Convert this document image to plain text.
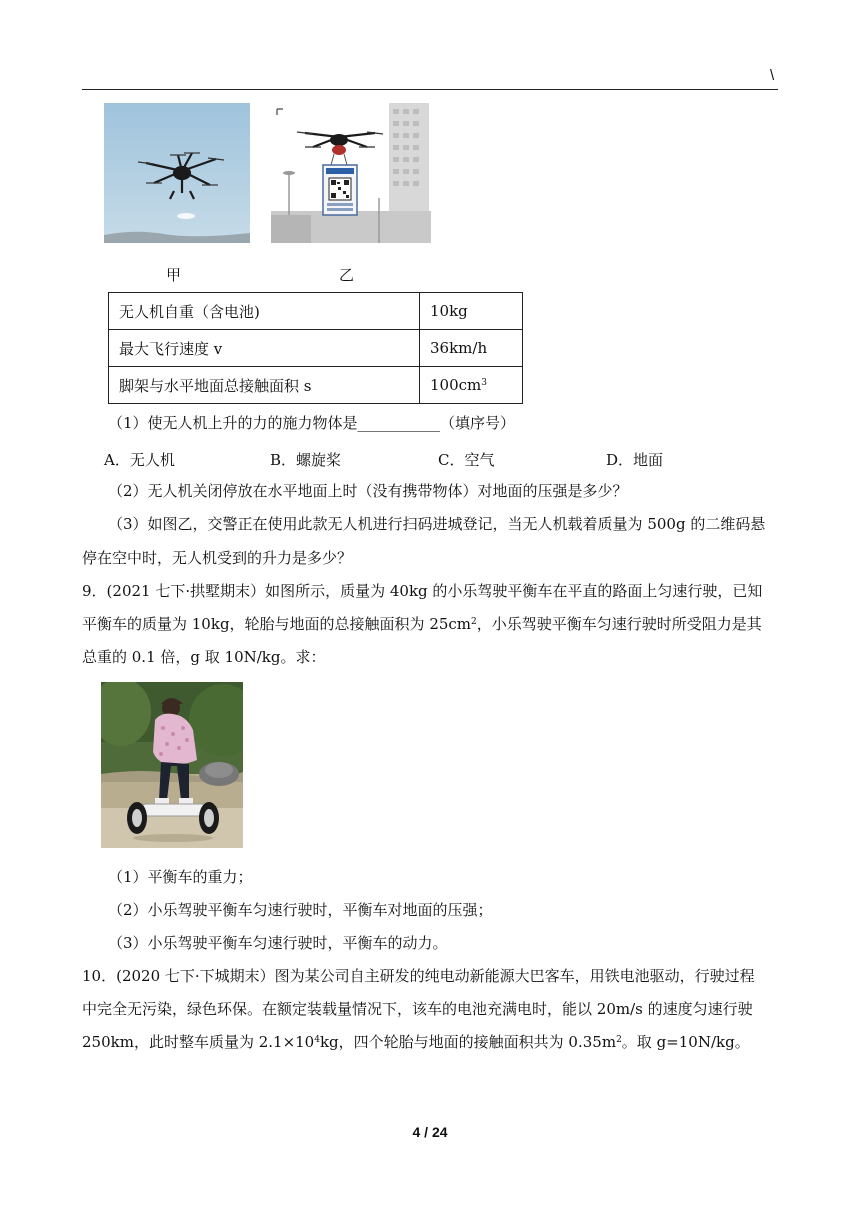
\
甲	乙
无人机自重（含电池)	10kg
最大飞行速度 v	36km/h
脚架与水平地面总接触面积 s	$100cm^3$
（1）使无人机上升的力的施力物体是___________（填序号）
A．无人机	B．螺旋桨	C．空气	D．地面
（2）无人机关闭停放在水平地面上时（没有携带物体）对地面的压强是多少？
（3）如图乙，交警正在使用此款无人机进行扫码进城登记，当无人机载着质量为 500g 的二维码悬
停在空中时，无人机受到的升力是多少？
9．(2021 七下·拱墅期末）如图所示，质量为 40kg 的小乐驾驶平衡车在平直的路面上匀速行驶，已知
平衡车的质量为 10kg，轮胎与地面的总接触面积为 $25cm^2$，小乐驾驶平衡车匀速行驶时所受阻力是其
总重的 0.1 倍，g 取 10N/kg。求：
（1）平衡车的重力；
（2）小乐驾驶平衡车匀速行驶时，平衡车对地面的压强；
（3）小乐驾驶平衡车匀速行驶时，平衡车的动力。
10．(2020 七下·下城期末）图为某公司自主研发的纯电动新能源大巴客车，用铁电池驱动，行驶过程
中完全无污染，绿色环保。在额定装载量情况下，该车的电池充满电时，能以 20m/s 的速度匀速行驶
250km，此时整车质量为 $2.1\times 10^4kg$，四个轮胎与地面的接触面积共为 $0.35m^2$。取 g=10N/kg。
4 / 24
